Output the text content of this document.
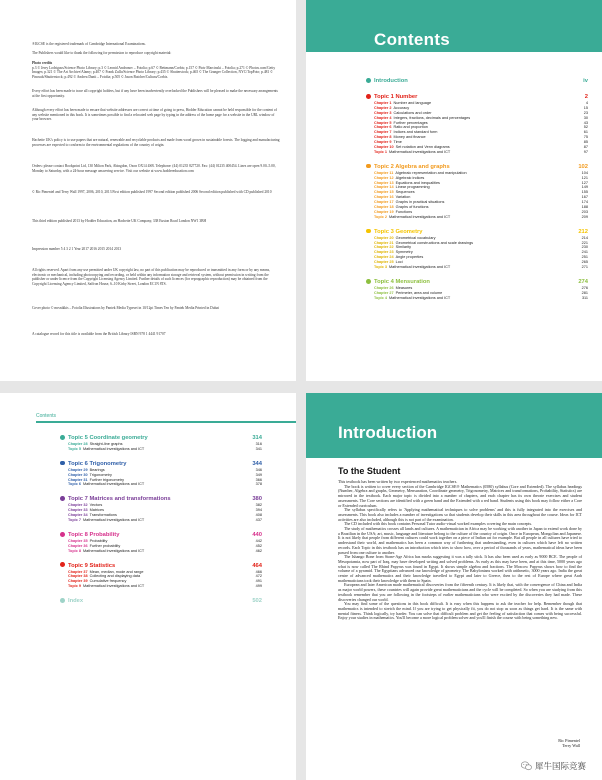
®IGCSE is the registered trademark of Cambridge International Examinations.
The Publishers would like to thank the following for permission to reproduce copyright material:
Photo credits
p.3 © Jerry Lodriguss/Science Photo Library; p.3 © Leonid Andronov – Fotolia; p.67 © Bettmann/Corbis; p.157 © Piotr Marcinski – Fotolia; p.271 © Photos.com/Getty Images; p.321 © The Art Archive/Alamy; p.407 © Frank Zullo/Science Photo Library; p.435 © Shutterstock; p.465 © The Granger Collection, NYC/TopFoto; p.481 © Pinosub/Shutterstock; p.492 © Andrea Danti – Fotolia; p.505 © Jason Butcher/Cultura/Corbis.
Every effort has been made to trace all copyright holders, but if any have been inadvertently overlooked the Publishers will be pleased to make the necessary arrangements at the first opportunity.
Although every effort has been made to ensure that website addresses are correct at time of going to press, Hodder Education cannot be held responsible for the content of any website mentioned in this book. It is sometimes possible to find a relocated web page by typing in the address of the home page for a website in the URL window of your browser.
Hachette UK's policy is to use papers that are natural, renewable and recyclable products and made from wood grown in sustainable forests. The logging and manufacturing processes are expected to conform to the environmental regulations of the country of origin.
Orders: please contact Bookpoint Ltd, 130 Milton Park, Abingdon, Oxon OX14 4SB. Telephone: (44) 01235 827720. Fax: (44) 01235 400454. Lines are open 9.00–5.00, Monday to Saturday, with a 24-hour message answering service. Visit our website at www.hoddereducation.com
© Ric Pimentel and Terry Wall 1997, 2006, 2010, 2013 First edition published 1997 Second edition published 2006 Second edition published with CD published 2010
This third edition published 2013 by Hodder Education, an Hachette UK Company, 338 Euston Road London NW1 3BH
Impression number 5 4 3 2 1 Year 2017 2016 2015 2014 2013
All rights reserved. Apart from any use permitted under UK copyright law, no part of this publication may be reproduced or transmitted in any form or by any means, electronic or mechanical, including photocopying and recording, or held within any information storage and retrieval system, without permission in writing from the publisher or under licence from the Copyright Licensing Agency Limited. Further details of such licences (for reprographic reproduction) may be obtained from the Copyright Licensing Agency Limited, Saffron House, 6–10 Kirby Street, London EC1N 8TS.
Cover photo © mrsnikkis – Fotolia Illustrations by Pantek Media Typeset in 10/12pt Times Ten by Pantek Media Printed in Dubai
A catalogue record for this title is available from the British Library ISBN 978 1 4441 91707
Contents
Introduction	iv
Topic 1 Number	2
Chapter 1 Number and language	4
Chapter 2 Accuracy	15
Chapter 3 Calculations and order	23
Chapter 4 Integers, fractions, decimals and percentages	30
Chapter 5 Further percentages	43
Chapter 6 Ratio and proportion	52
Chapter 7 Indices and standard form	61
Chapter 8 Money and finance	75
Chapter 9 Time	85
Chapter 10 Set notation and Venn diagrams	87
Topic 1 Mathematical investigations and ICT	97
Topic 2 Algebra and graphs	102
Chapter 11 Algebraic representation and manipulation	104
Chapter 12 Algebraic indices	121
Chapter 13 Equations and inequalities	127
Chapter 14 Linear programming	149
Chapter 15 Sequences	155
Chapter 16 Variation	167
Chapter 17 Graphs in practical situations	174
Chapter 18 Graphs of functions	188
Chapter 19 Functions	203
Topic 2 Mathematical investigations and ICT	209
Topic 3 Geometry	212
Chapter 20 Geometrical vocabulary	214
Chapter 21 Geometrical constructions and scale drawings	221
Chapter 22 Similarity	230
Chapter 23 Symmetry	241
Chapter 24 Angle properties	251
Chapter 25 Loci	265
Topic 3 Mathematical investigations and ICT	271
Topic 4 Mensuration	274
Chapter 26 Measures	276
Chapter 27 Perimeter, area and volume	281
Topic 4 Mathematical investigations and ICT	311
Contents
Topic 5 Coordinate geometry	314
Chapter 28 Straight-line graphs	316
Topic 5 Mathematical investigations and ICT	341
Topic 6 Trigonometry	344
Chapter 29 Bearings	346
Chapter 30 Trigonometry	349
Chapter 31 Further trigonometry	366
Topic 6 Mathematical investigations and ICT	378
Topic 7 Matrices and transformations	380
Chapter 32 Vectors	382
Chapter 33 Matrices	394
Chapter 34 Transformations	408
Topic 7 Mathematical investigations and ICT	437
Topic 8 Probability	440
Chapter 35 Probability	442
Chapter 36 Further probability	452
Topic 8 Mathematical investigations and ICT	462
Topic 9 Statistics	464
Chapter 37 Mean, median, mode and range	466
Chapter 38 Collecting and displaying data	472
Chapter 39 Cumulative frequency	491
Topic 9 Mathematical investigations and ICT	499
Index	502
Introduction
To the Student

This textbook has been written by two experienced mathematics teachers.

The book is written to cover every section of the Cambridge IGCSE® Mathematics (0580) syllabus (Core and Extended). The syllabus headings (Number, Algebra and graphs, Geometry, Mensuration, Coordinate geometry, Trigonometry, Matrices and transformations, Probability, Statistics) are mirrored in the textbook. Each major topic is divided into a number of chapters, and each chapter has its own theorie exercises and student assessments. The Core sections are identified with a green band and the Extended with a red band. Students using this book may follow either a Core or Extended curriculum.

The syllabus specifically refers to 'Applying mathematical techniques to solve problems' and this is fully integrated into the exercises and assessments. This book also includes a number of investigations so that students develop their skills in this area throughout the course. Ideas for ICT activities are also included, although this is not part of the examination.

The CD included with this book contains Personal Tutor audio-visual worked examples covering the main concepts.

The study of mathematics crosses all lands and cultures. A mathematician in Africa may be working with another in Japan to extend work done by a Brazilian in the USA; art, music, language and literature belong to the culture of the country of origin. Once in European, Mongolian and Japanese. It is not likely that people from different cultures could work together on a piece of Indian art for example. But all people in all cultures have tried to understand their world, and mathematics has been a common way of furthering that understanding, even in cultures which have left no written records. Each Topic in this textbook has an introduction which tries to show how, over a period of thousands of years, mathematical ideas have been passed from one culture to another.

The Ishango Bone from Stone-Age Africa has marks suggesting it was a tally stick. It has also been used as early as 9000 BCE. The people of Mesopotamia, now part of Iraq, may have developed writing and solved problems. As early as this may have been, and at this time, 5000 years ago what is now called The Rhind Papyrus was found in Egypt. It shows simple algebra and fractions. The Moscow Papyrus shows how to find the volume of a pyramid. The Egyptians advanced our knowledge of geometry. The Babylonians worked with arithmetic, 3000 years ago. India the great centre of advanced mathematics and their knowledge travelled to Egypt and later to Greece, then to the rest of Europe where great Arab mathematicians took their knowledge with them to Spain.

European and later American made mathematical discoveries from the fifteenth century. It is likely that, with the convergence of China and India as major world powers, these countries will again provide great mathematicians and the cycle will be completed. So when you are studying from this textbook remember that you are following in the footsteps of earlier mathematicians who were excited by the discoveries they had made. These discoveries changed our world.

You may find some of the questions in this book difficult. It is easy when this happens to ask the teacher for help. Remember though that mathematics is intended to stretch the mind. If you are trying to get physically fit, you do not stop as soon as things get hard. It is the same with mental fitness. Think logically, try harder. You can solve that difficult problem and get the feeling of satisfaction that comes with being successful. Enjoy your studies in mathematics. You'll become a more logical problem solver and you'll finish the course with being something new.

Ric Pimentel
Terry Wall
犀牛国际竞赛
